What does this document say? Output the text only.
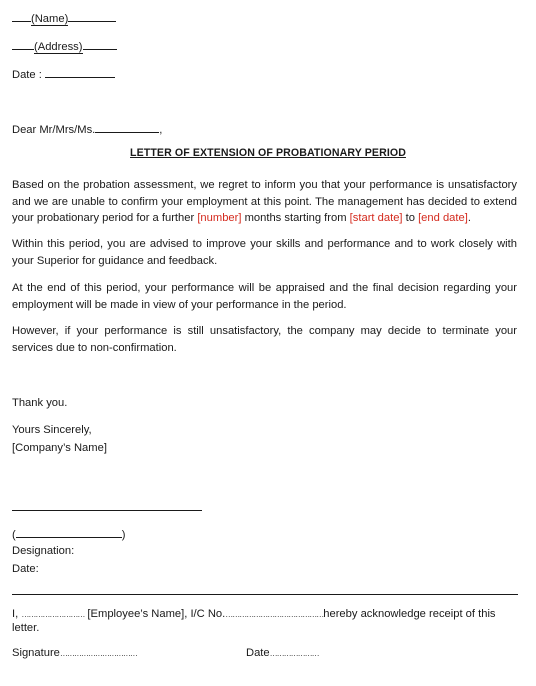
(Name)
(Address)
Date :
Dear Mr/Mrs/Ms.	,
LETTER OF EXTENSION OF PROBATIONARY PERIOD
Based on the probation assessment, we regret to inform you that your performance is unsatisfactory and we are unable to confirm your employment at this point. The management has decided to extend your probationary period for a further [number] months starting from [start date] to [end date].
Within this period, you are advised to improve your skills and performance and to work closely with your Superior for guidance and feedback.
At the end of this period, your performance will be appraised and the final decision regarding your employment will be made in view of your performance in the period.
However, if your performance is still unsatisfactory, the company may decide to terminate your services due to non-confirmation.
Thank you.
Yours Sincerely,
[Company’s Name]
(	)
Designation:
Date:
I, ……………………… [Employee’s Name], I/C No.……………………………………hereby acknowledge receipt of this
letter.
Signature……………………………	Date…………………
